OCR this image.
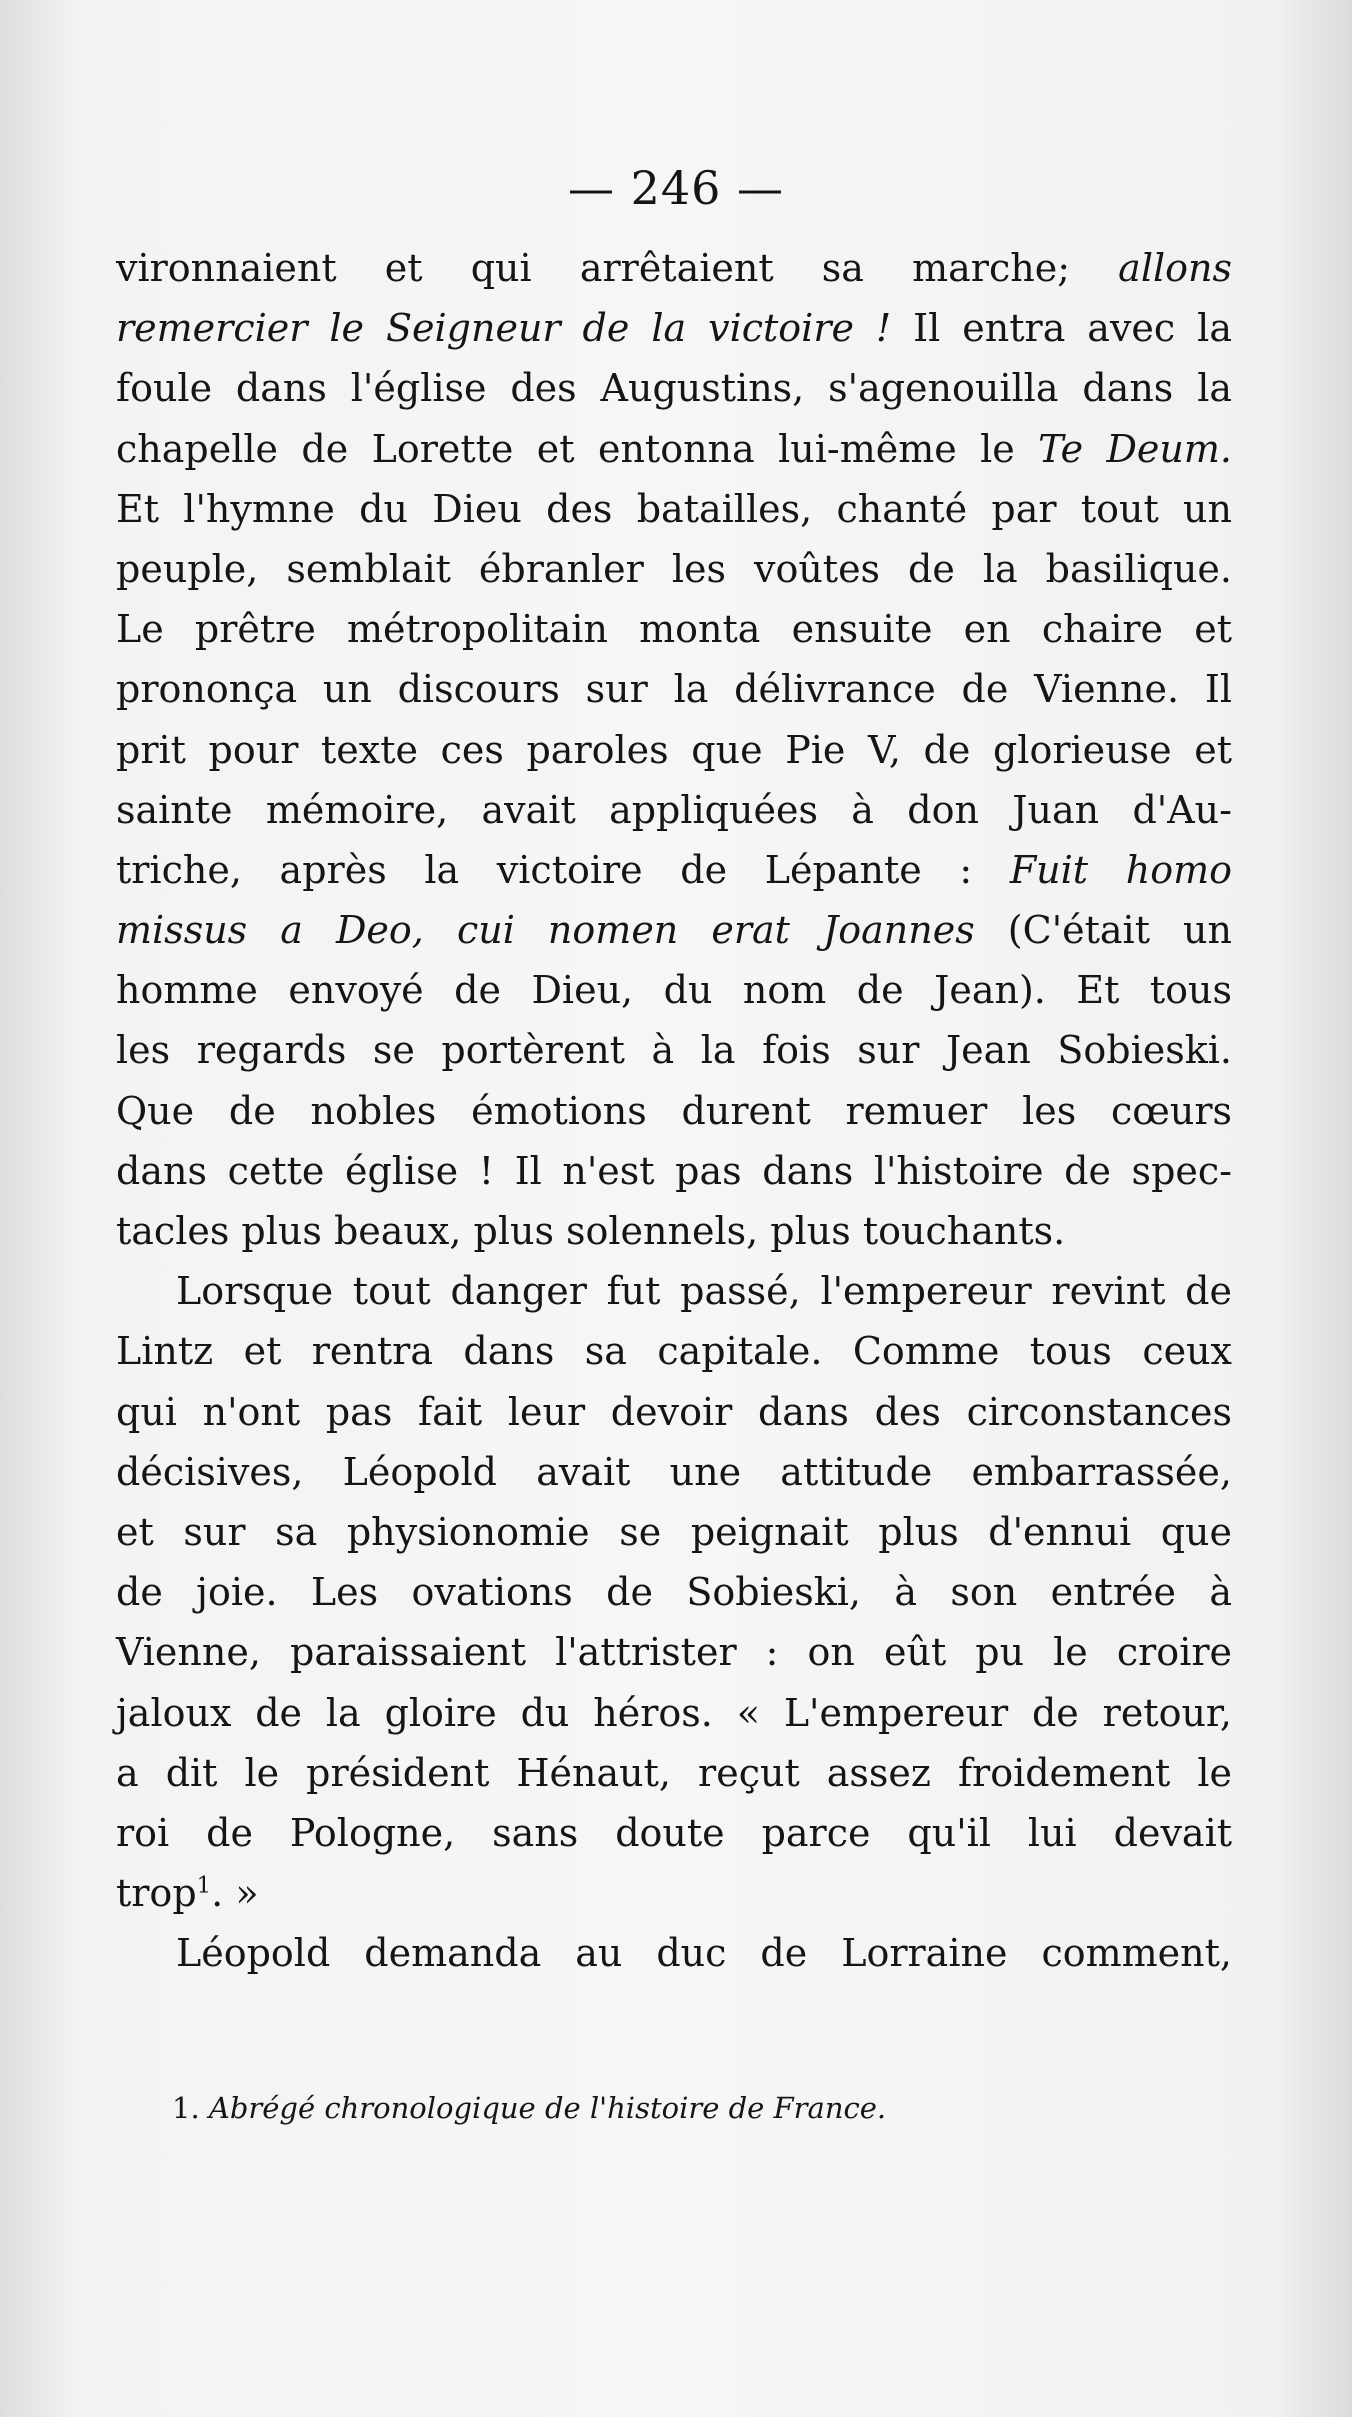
— 246 —
vironnaient et qui arrêtaient sa marche; allons
remercier le Seigneur de la victoire ! Il entra avec la
foule dans l'église des Augustins, s'agenouilla dans la
chapelle de Lorette et entonna lui-même le Te Deum.
Et l'hymne du Dieu des batailles, chanté par tout un
peuple, semblait ébranler les voûtes de la basilique.
Le prêtre métropolitain monta ensuite en chaire et
prononça un discours sur la délivrance de Vienne. Il
prit pour texte ces paroles que Pie V, de glorieuse et
sainte mémoire, avait appliquées à don Juan d'Au-
triche, après la victoire de Lépante : Fuit homo
missus a Deo, cui nomen erat Joannes (C'était un
homme envoyé de Dieu, du nom de Jean). Et tous
les regards se portèrent à la fois sur Jean Sobieski.
Que de nobles émotions durent remuer les cœurs
dans cette église ! Il n'est pas dans l'histoire de spec-
tacles plus beaux, plus solennels, plus touchants.
Lorsque tout danger fut passé, l'empereur revint de
Lintz et rentra dans sa capitale. Comme tous ceux
qui n'ont pas fait leur devoir dans des circonstances
décisives, Léopold avait une attitude embarrassée,
et sur sa physionomie se peignait plus d'ennui que
de joie. Les ovations de Sobieski, à son entrée à
Vienne, paraissaient l'attrister : on eût pu le croire
jaloux de la gloire du héros. « L'empereur de retour,
a dit le président Hénaut, reçut assez froidement le
roi de Pologne, sans doute parce qu'il lui devait
trop$^1$. »
Léopold demanda au duc de Lorraine comment,
1. Abrégé chronologique de l'histoire de France.
